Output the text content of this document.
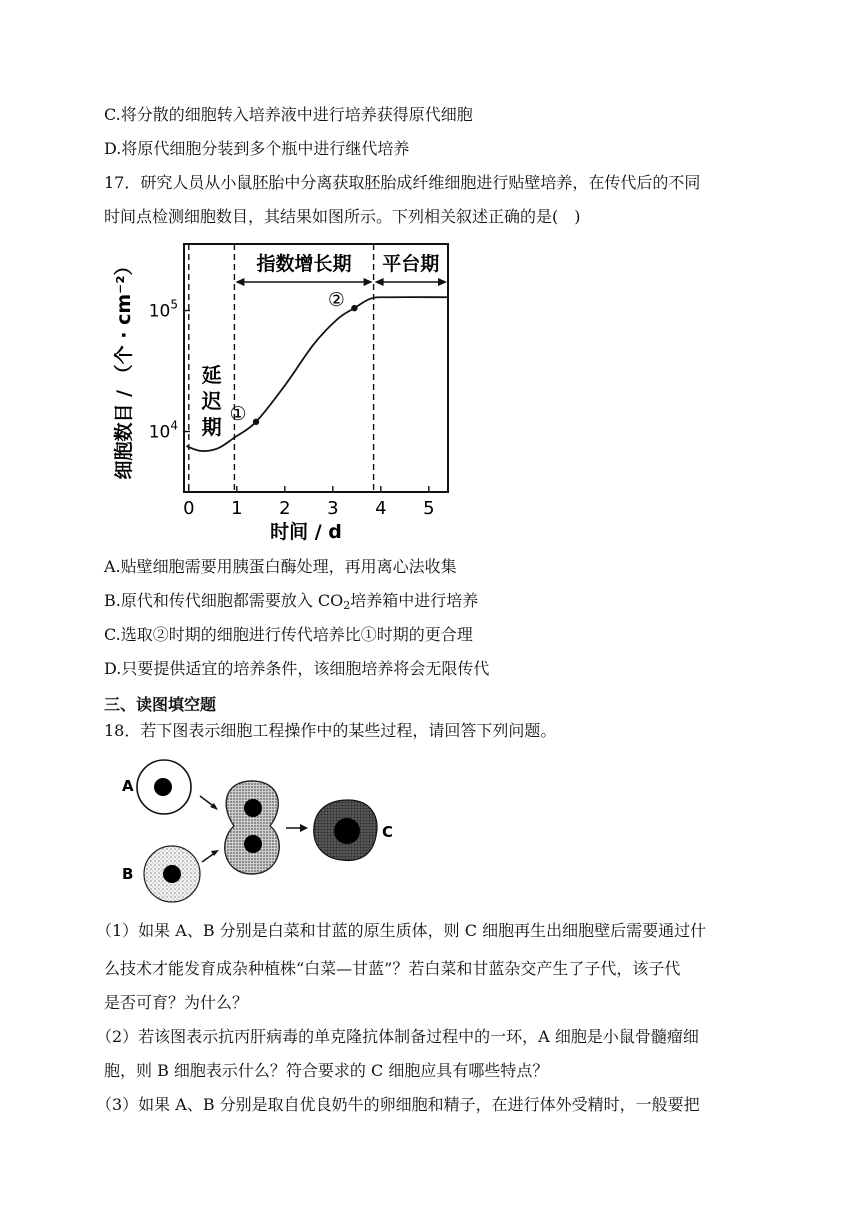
C.将分散的细胞转入培养液中进行培养获得原代细胞
D.将原代细胞分装到多个瓶中进行继代培养
17．研究人员从小鼠胚胎中分离获取胚胎成纤维细胞进行贴壁培养，在传代后的不同
时间点检测细胞数目，其结果如图所示。下列相关叙述正确的是(　)
延迟期
指数增长期 平台期
①
②
0 1 2 3 4 5
$10^4$
$10^5$
时间 / d
细胞数目 / （个 · cm⁻²）
A.贴壁细胞需要用胰蛋白酶处理，再用离心法收集
B.原代和传代细胞都需要放入 $CO_2$培养箱中进行培养
C.选取②时期的细胞进行传代培养比①时期的更合理
D.只要提供适宜的培养条件，该细胞培养将会无限传代
三、读图填空题
18．若下图表示细胞工程操作中的某些过程，请回答下列问题。
A
B
C
（1）如果 A、B 分别是白菜和甘蓝的原生质体，则 C 细胞再生出细胞壁后需要通过什
么技术才能发育成杂种植株“白菜—甘蓝”？若白菜和甘蓝杂交产生了子代，该子代
是否可育？为什么？
（2）若该图表示抗丙肝病毒的单克隆抗体制备过程中的一环，A 细胞是小鼠骨髓瘤细
胞，则 B 细胞表示什么？符合要求的 C 细胞应具有哪些特点？
（3）如果 A、B 分别是取自优良奶牛的卵细胞和精子，在进行体外受精时，一般要把
